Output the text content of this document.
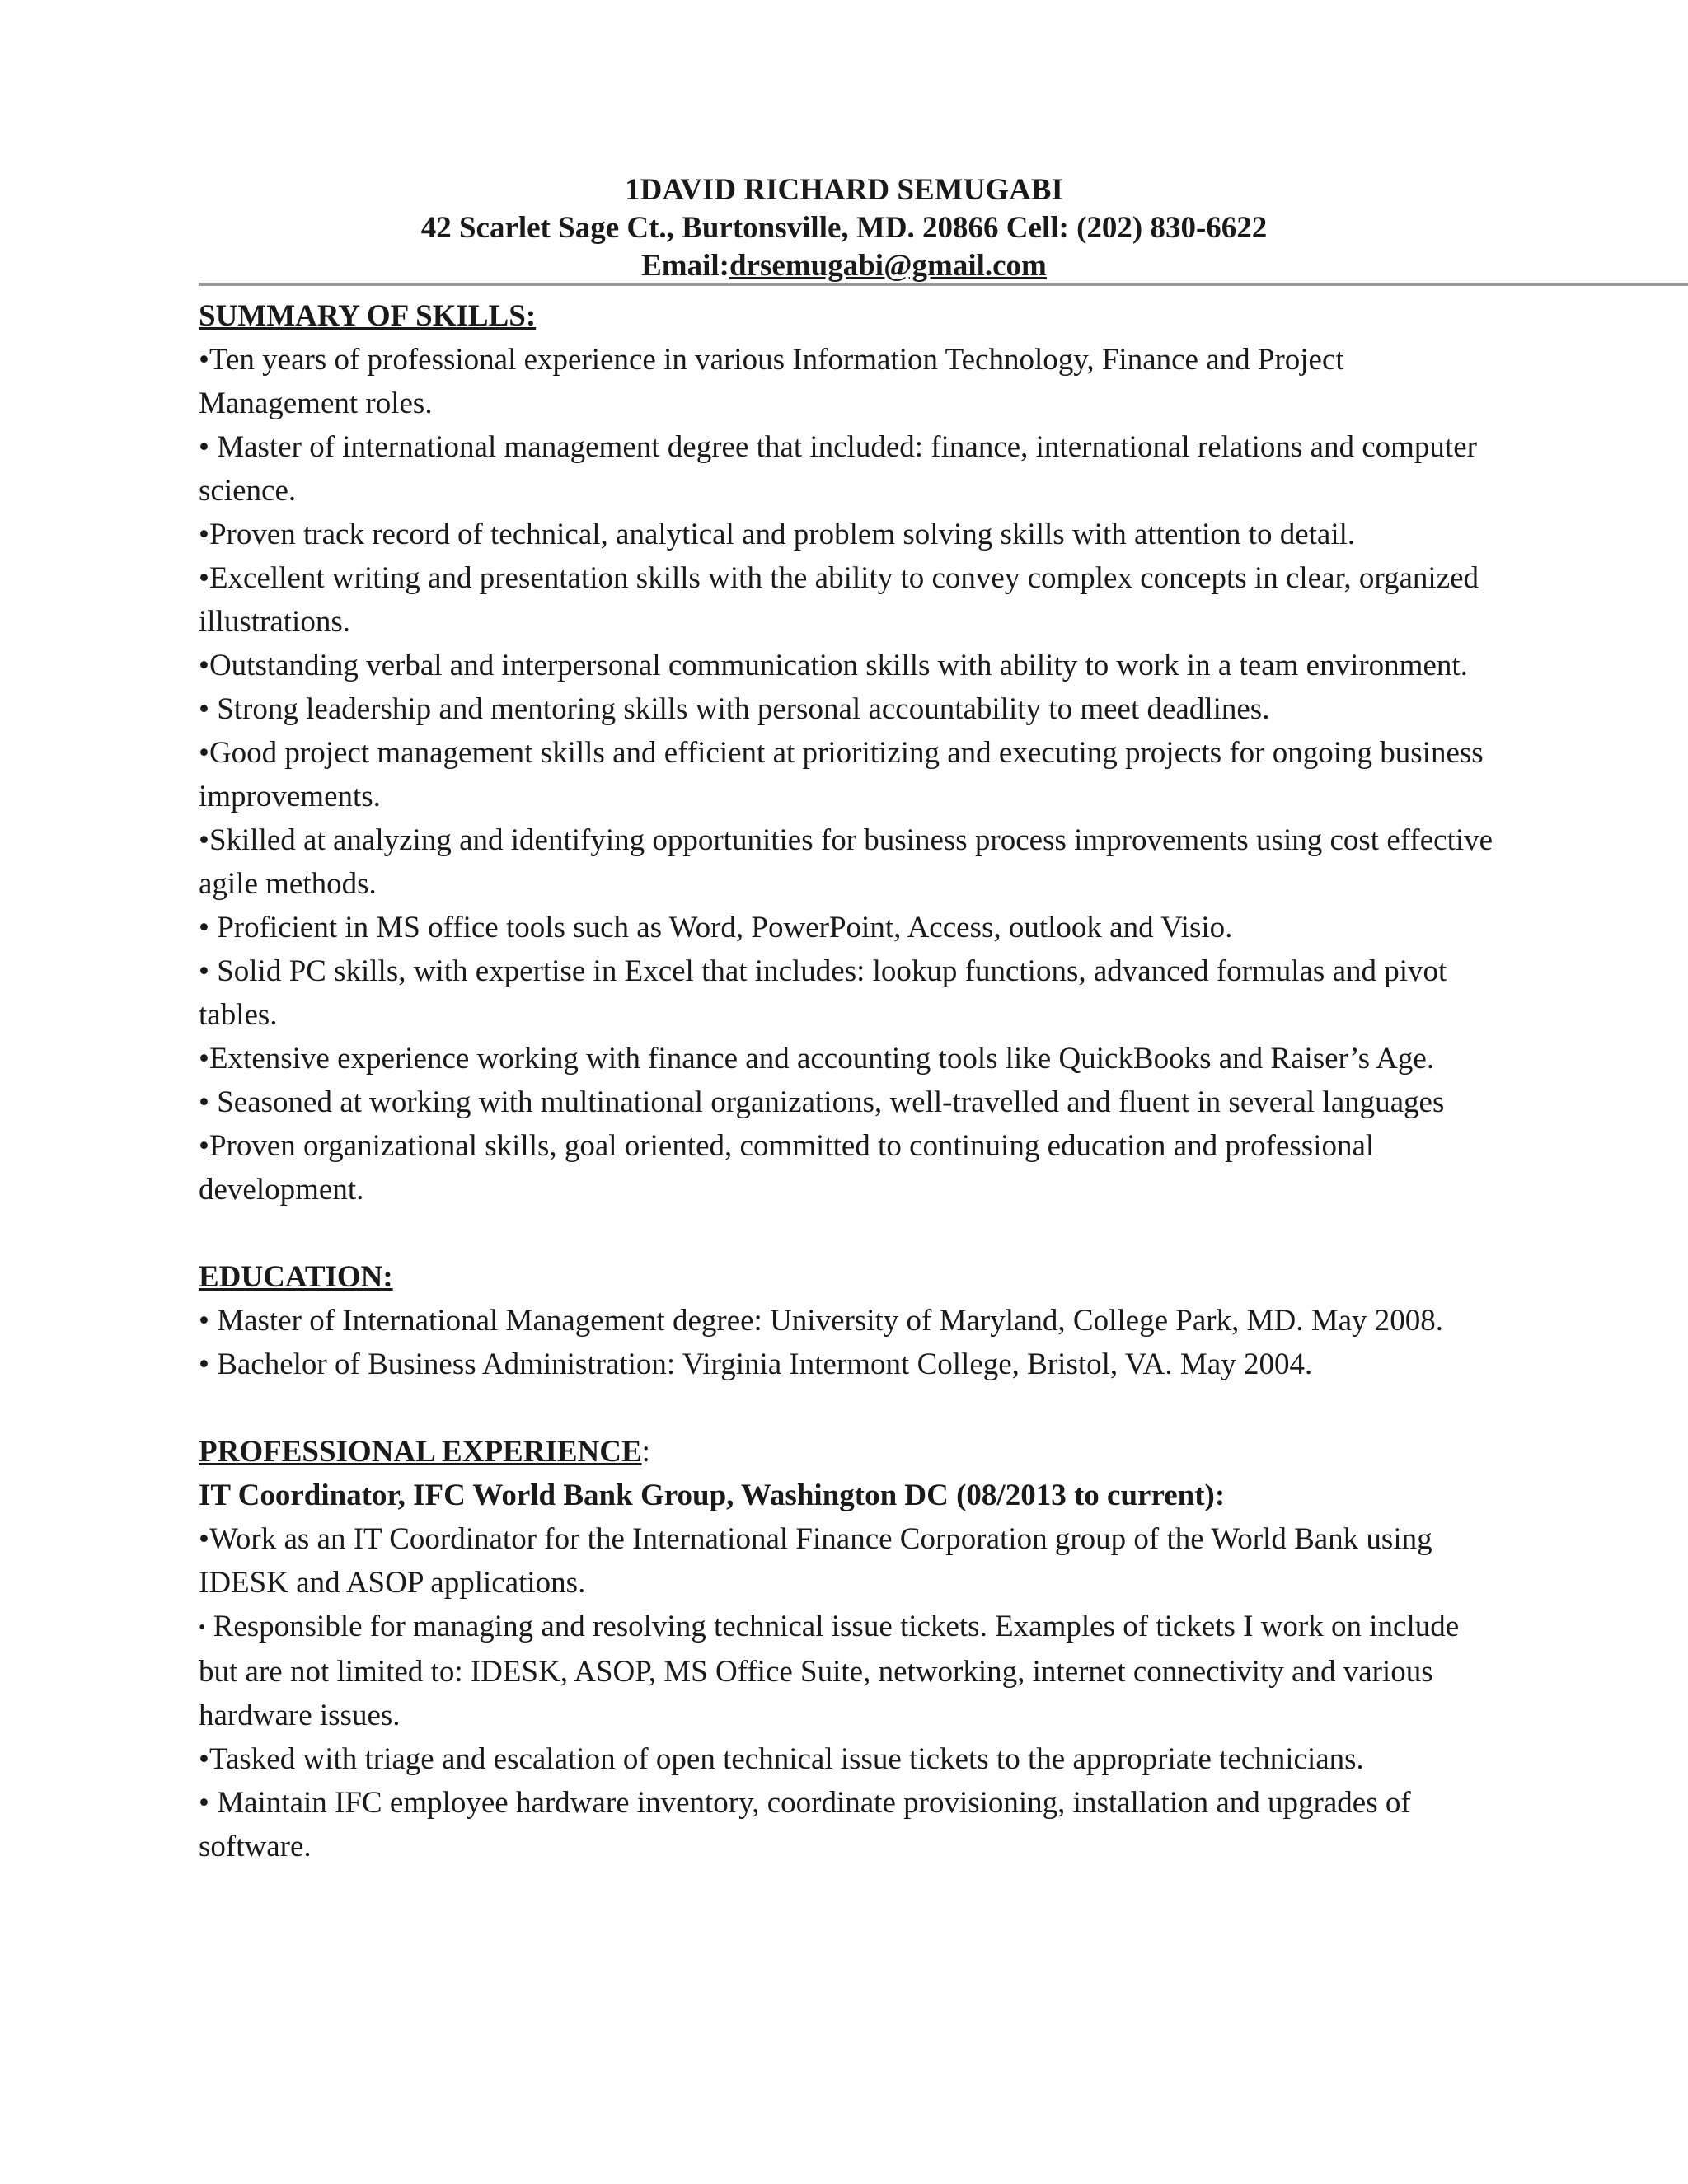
1DAVID RICHARD SEMUGABI
42 Scarlet Sage Ct., Burtonsville, MD. 20866 Cell: (202) 830-6622
Email:drsemugabi@gmail.com
SUMMARY OF SKILLS:

•Ten years of professional experience in various Information Technology, Finance and Project Management roles.

• Master of international management degree that included: finance, international relations and computer science.

•Proven track record of technical, analytical and problem solving skills with attention to detail.

•Excellent writing and presentation skills with the ability to convey complex concepts in clear, organized illustrations.

•Outstanding verbal and interpersonal communication skills with ability to work in a team environment.

• Strong leadership and mentoring skills with personal accountability to meet deadlines.

•Good project management skills and efficient at prioritizing and executing projects for ongoing business improvements.

•Skilled at analyzing and identifying opportunities for business process improvements using cost effective agile methods.

• Proficient in MS office tools such as Word, PowerPoint, Access, outlook and Visio.

• Solid PC skills, with expertise in Excel that includes: lookup functions, advanced formulas and pivot tables.

•Extensive experience working with finance and accounting tools like QuickBooks and Raiser’s Age.

• Seasoned at working with multinational organizations, well-travelled and fluent in several languages

•Proven organizational skills, goal oriented, committed to continuing education and professional development.

EDUCATION:

• Master of International Management degree: University of Maryland, College Park, MD. May 2008.

• Bachelor of Business Administration: Virginia Intermont College, Bristol, VA. May 2004.

PROFESSIONAL EXPERIENCE:
IT Coordinator, IFC World Bank Group, Washington DC (08/2013 to current):

•Work as an IT Coordinator for the International Finance Corporation group of the World Bank using IDESK and ASOP applications.

• Responsible for managing and resolving technical issue tickets. Examples of tickets I work on include but are not limited to: IDESK, ASOP, MS Office Suite, networking, internet connectivity and various hardware issues.

•Tasked with triage and escalation of open technical issue tickets to the appropriate technicians.

• Maintain IFC employee hardware inventory, coordinate provisioning, installation and upgrades of software.
